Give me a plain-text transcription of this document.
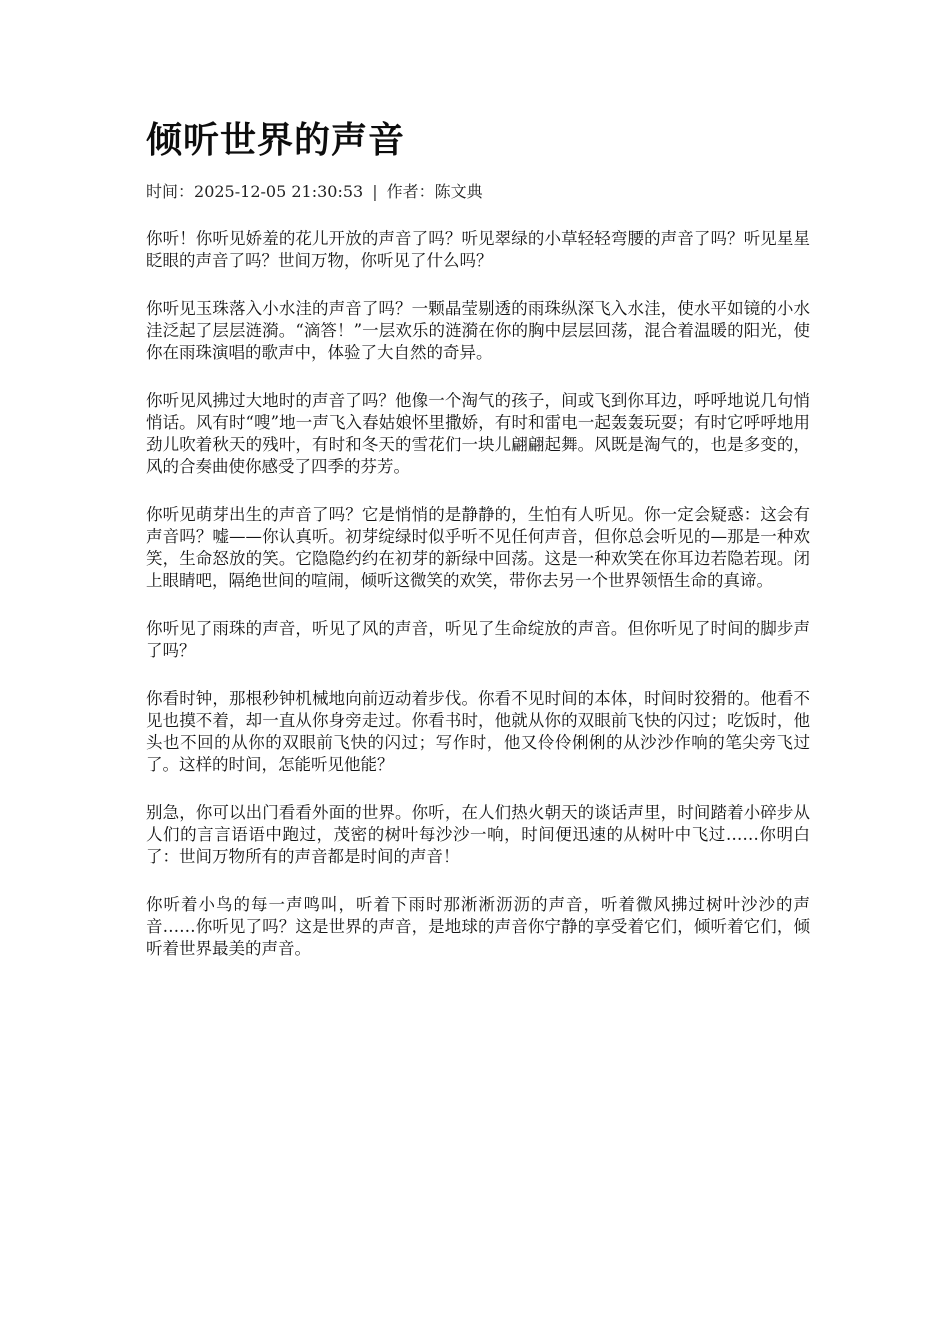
倾听世界的声音
时间：2025-12-05 21:30:53 | 作者：陈文典

你听！你听见娇羞的花儿开放的声音了吗？听见翠绿的小草轻轻弯腰的声音了吗？听见星星眨眼的声音了吗？世间万物，你听见了什么吗？

你听见玉珠落入小水洼的声音了吗？一颗晶莹剔透的雨珠纵深飞入水洼，使水平如镜的小水洼泛起了层层涟漪。“滴答！”一层欢乐的涟漪在你的胸中层层回荡，混合着温暖的阳光，使你在雨珠演唱的歌声中，体验了大自然的奇异。

你听见风拂过大地时的声音了吗？他像一个淘气的孩子，间或飞到你耳边，呼呼地说几句悄悄话。风有时“嗖”地一声飞入春姑娘怀里撒娇，有时和雷电一起轰轰玩耍；有时它呼呼地用劲儿吹着秋天的残叶，有时和冬天的雪花们一块儿翩翩起舞。风既是淘气的，也是多变的，风的合奏曲使你感受了四季的芬芳。

你听见萌芽出生的声音了吗？它是悄悄的是静静的，生怕有人听见。你一定会疑惑：这会有声音吗？嘘——你认真听。初芽绽绿时似乎听不见任何声音，但你总会听见的—那是一种欢笑，生命怒放的笑。它隐隐约约在初芽的新绿中回荡。这是一种欢笑在你耳边若隐若现。闭上眼睛吧，隔绝世间的喧闹，倾听这微笑的欢笑，带你去另一个世界领悟生命的真谛。

你听见了雨珠的声音，听见了风的声音，听见了生命绽放的声音。但你听见了时间的脚步声了吗？

你看时钟，那根秒钟机械地向前迈动着步伐。你看不见时间的本体，时间时狡猾的。他看不见也摸不着，却一直从你身旁走过。你看书时，他就从你的双眼前飞快的闪过；吃饭时，他头也不回的从你的双眼前飞快的闪过；写作时，他又伶伶俐俐的从沙沙作响的笔尖旁飞过了。这样的时间，怎能听见他能？

别急，你可以出门看看外面的世界。你听，在人们热火朝天的谈话声里，时间踏着小碎步从人们的言言语语中跑过，茂密的树叶每沙沙一响，时间便迅速的从树叶中飞过……你明白了：世间万物所有的声音都是时间的声音！

你听着小鸟的每一声鸣叫，听着下雨时那淅淅沥沥的声音，听着微风拂过树叶沙沙的声音……你听见了吗？这是世界的声音，是地球的声音你宁静的享受着它们，倾听着它们，倾听着世界最美的声音。
